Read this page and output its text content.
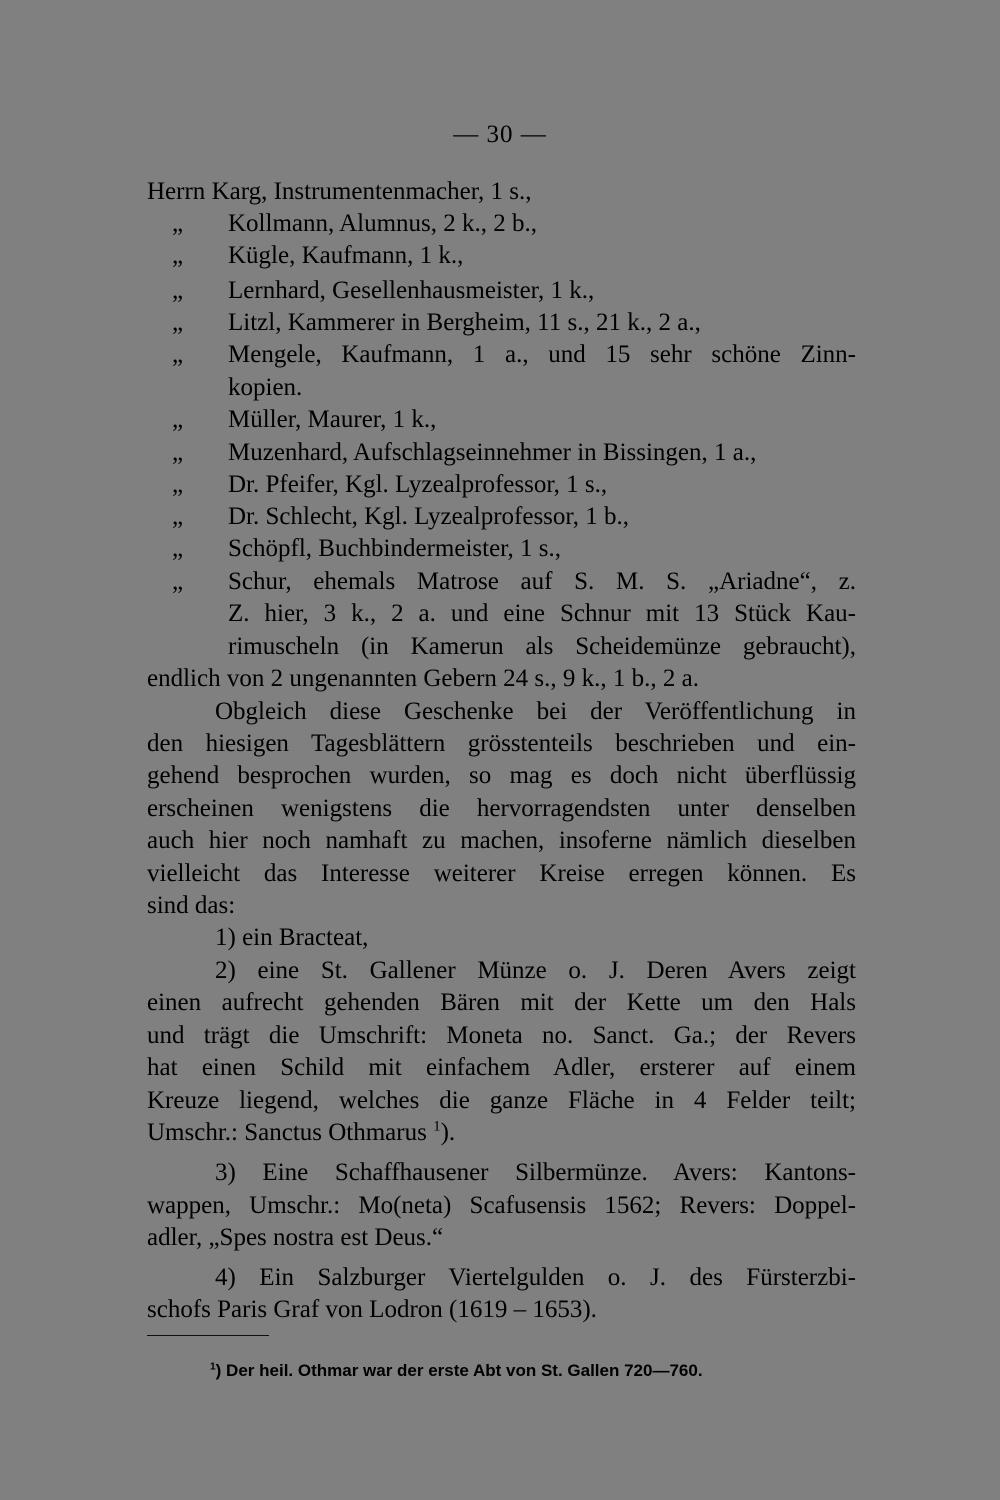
— 30 —
Herrn Karg, Instrumentenmacher, 1 s.,
„	Kollmann, Alumnus, 2 k., 2 b.,
„	Kügle, Kaufmann, 1 k.,
„	Lernhard, Gesellenhausmeister, 1 k.,
„	Litzl, Kammerer in Bergheim, 11 s., 21 k., 2 a.,
„	Mengele, Kaufmann, 1 a., und 15 sehr schöne Zinn-
kopien.
„	Müller, Maurer, 1 k.,
„	Muzenhard, Aufschlagseinnehmer in Bissingen, 1 a.,
„	Dr. Pfeifer, Kgl. Lyzealprofessor, 1 s.,
„	Dr. Schlecht, Kgl. Lyzealprofessor, 1 b.,
„	Schöpfl, Buchbindermeister, 1 s.,
„	Schur, ehemals Matrose auf S. M. S. „Ariadne“, z.
Z. hier, 3 k., 2 a. und eine Schnur mit 13 Stück Kau-
rimuscheln (in Kamerun als Scheidemünze gebraucht),
endlich von 2 ungenannten Gebern 24 s., 9 k., 1 b., 2 a.
Obgleich diese Geschenke bei der Veröffentlichung in
den hiesigen Tagesblättern grösstenteils beschrieben und ein-
gehend besprochen wurden, so mag es doch nicht überflüssig
erscheinen wenigstens die hervorragendsten unter denselben
auch hier noch namhaft zu machen, insoferne nämlich dieselben
vielleicht das Interesse weiterer Kreise erregen können. Es
sind das:
1) ein Bracteat,
2) eine St. Gallener Münze o. J. Deren Avers zeigt
einen aufrecht gehenden Bären mit der Kette um den Hals
und trägt die Umschrift: Moneta no. Sanct. Ga.; der Revers
hat einen Schild mit einfachem Adler, ersterer auf einem
Kreuze liegend, welches die ganze Fläche in 4 Felder teilt;
Umschr.: Sanctus Othmarus $^1$).
3) Eine Schaffhausener Silbermünze. Avers: Kantons-
wappen, Umschr.: Mo(neta) Scafusensis 1562; Revers: Doppel-
adler, „Spes nostra est Deus.“
4) Ein Salzburger Viertelgulden o. J. des Fürsterzbi-
schofs Paris Graf von Lodron (1619 – 1653).
$^1$) Der heil. Othmar war der erste Abt von St. Gallen 720—760.
